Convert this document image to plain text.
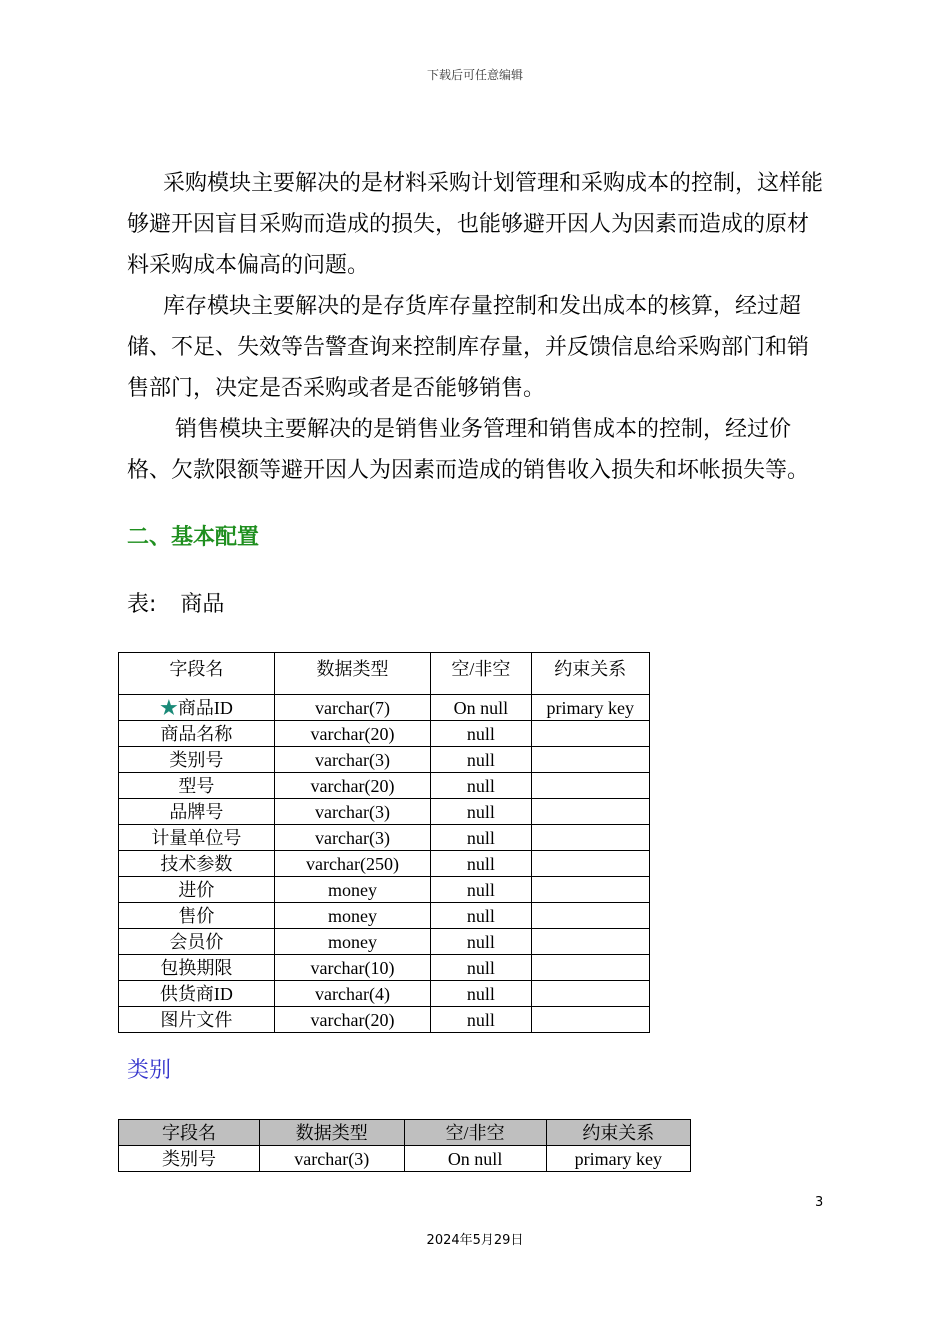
下载后可任意编辑

采购模块主要解决的是材料采购计划管理和采购成本的控制，这样能够避开因盲目采购而造成的损失，也能够避开因人为因素而造成的原材料采购成本偏高的问题。

库存模块主要解决的是存货库存量控制和发出成本的核算，经过超储、不足、失效等告警查询来控制库存量，并反馈信息给采购部门和销售部门，决定是否采购或者是否能够销售。

销售模块主要解决的是销售业务管理和销售成本的控制，经过价格、欠款限额等避开因人为因素而造成的销售收入损失和坏帐损失等。

二、基本配置
表: 商品
字段名	数据类型	空/非空	约束关系
★商品ID	varchar(7)	On null	primary key
商品名称	varchar(20)	null	
类别号	varchar(3)	null	
型号	varchar(20)	null	
品牌号	varchar(3)	null	
计量单位号	varchar(3)	null	
技术参数	varchar(250)	null	
进价	money	null	
售价	money	null	
会员价	money	null	
包换期限	varchar(10)	null	
供货商ID	varchar(4)	null	
图片文件	varchar(20)	null	
类别
字段名	数据类型	空/非空	约束关系
类别号	varchar(3)	On null	primary key
3
2024年5月29日
